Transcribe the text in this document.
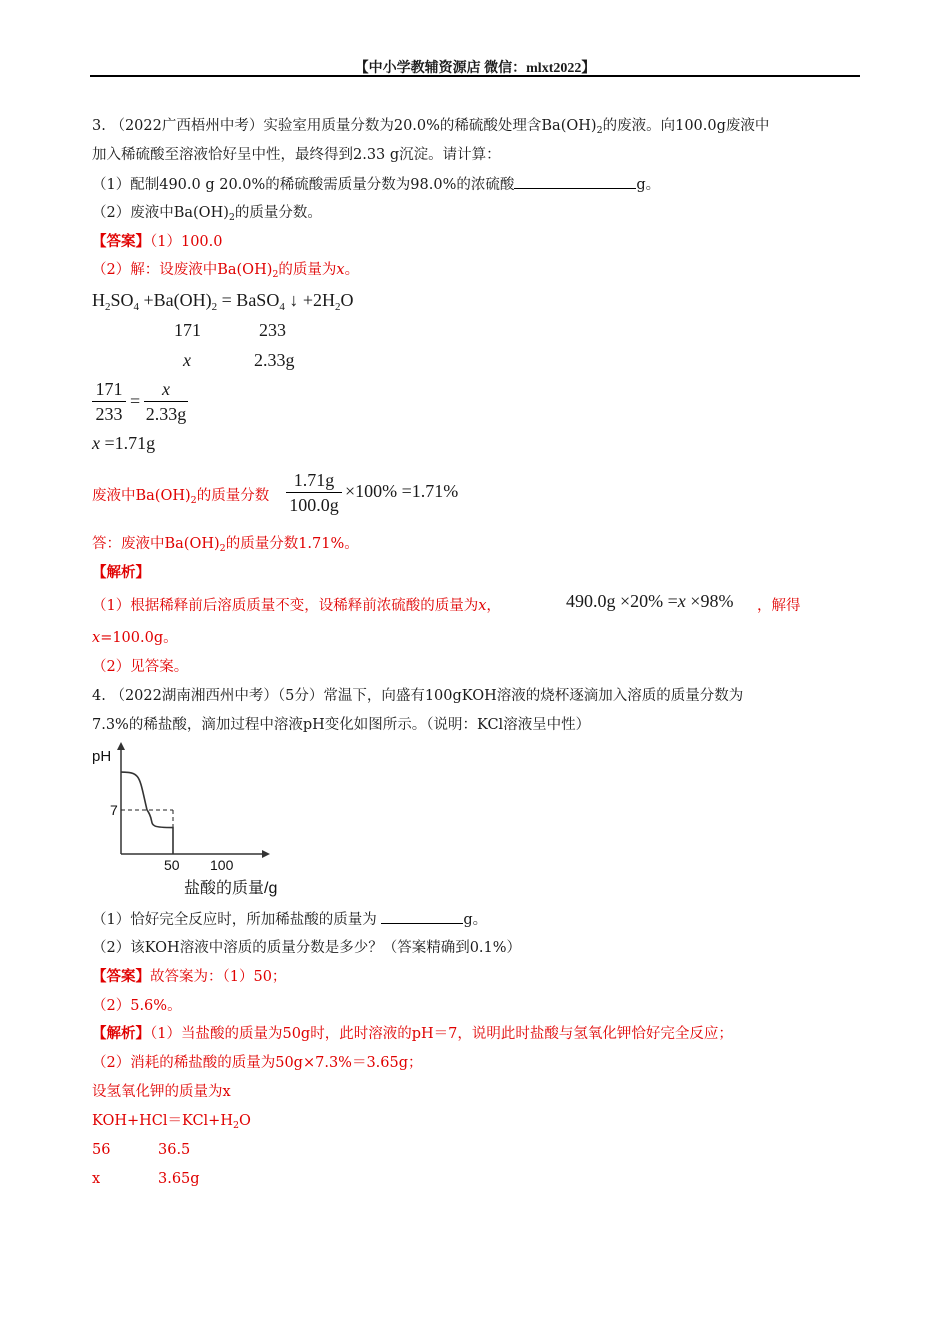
【中小学教辅资源店 微信：mlxt2022】
3. （2022广西梧州中考）实验室用质量分数为20.0%的稀硫酸处理含$Ba(OH)_2$的废液。向100.0g废液中
加入稀硫酸至溶液恰好呈中性，最终得到2.33 g沉淀。请计算：
（1）配制490.0 g 20.0%的稀硫酸需质量分数为98.0%的浓硫酸	g。
（2）废液中$Ba(OH)_2$的质量分数。
【答案】（1）100.0
（2）解：设废液中$Ba(OH)_2$的质量为x。
$H_2SO_4 +Ba(OH)_2$ = BaSO$_4$ ↓ $+2H_2O$
171	233
x	2.33g
171
233
=
x
2.33g
x =1.71g
废液中$Ba(OH)_2$的质量分数
1.71g
100.0g
×100% =1.71%
答：废液中$Ba(OH)_2$的质量分数1.71%。
【解析】
（1）根据稀释前后溶质质量不变，设稀释前浓硫酸的质量为x，	490.0g ×20% =x ×98% ，解得
x=100.0g。
（2）见答案。
4. （2022湖南湘西州中考）（5分）常温下，向盛有100gKOH溶液的烧杯逐滴加入溶质的质量分数为
7.3%的稀盐酸，滴加过程中溶液pH变化如图所示。（说明：KCl溶液呈中性）
pH
7
50 100
盐酸的质量/g
（1）恰好完全反应时，所加稀盐酸的质量为	g。
（2）该KOH溶液中溶质的质量分数是多少？（答案精确到0.1%）
【答案】故答案为：（1）50；
（2）5.6%。
【解析】（1）当盐酸的质量为50g时，此时溶液的pH＝7，说明此时盐酸与氢氧化钾恰好完全反应；
（2）消耗的稀盐酸的质量为50g×7.3%＝3.65g；
设氢氧化钾的质量为x
$KOH+HCl=KCl+H_2O$
56	36.5
x	3.65g
